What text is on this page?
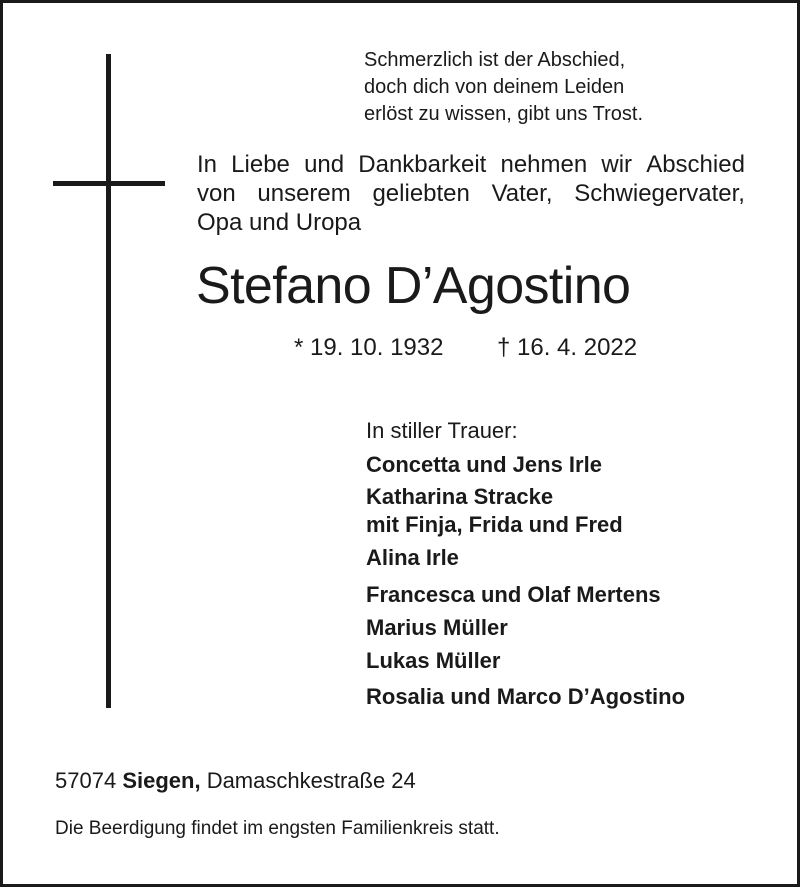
Schmerzlich ist der Abschied,
doch dich von deinem Leiden
erlöst zu wissen, gibt uns Trost.

In Liebe und Dankbarkeit nehmen wir Abschied
von unserem geliebten Vater, Schwiegervater,
Opa und Uropa
Stefano D’Agostino
* 19. 10. 1932 † 16. 4. 2022
In stiller Trauer:
Concetta und Jens Irle
Katharina Stracke
mit Finja, Frida und Fred
Alina Irle
Francesca und Olaf Mertens
Marius Müller
Lukas Müller
Rosalia und Marco D’Agostino
57074 Siegen, Damaschkestraße 24
Die Beerdigung findet im engsten Familienkreis statt.
